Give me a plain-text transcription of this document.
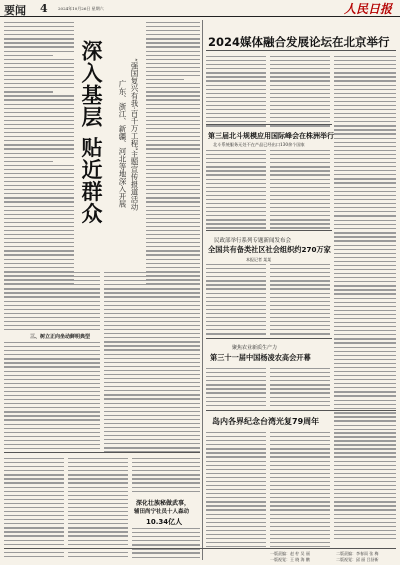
要闻 4	2024年10月26日 星期六	人民日报
深入基层 贴近群众	“强国复兴有我·百千万工程”主题宣传报道活动
广东、浙江、新疆、河北等地深入开展
三、树立正向坐动鲜明典型
深化壮族秘做武事，
辅田尚宁社员十人森动
10.34亿人
2024媒体融合发展论坛在北京举行
第三届北斗规模应用国际峰会在株洲举行
北斗系统服务无处不在产品已经出口130余个国家
民政部举行系列专题新闻发布会
全国共有备类社区社会组织约270万家
本报记者 某某
聚焦农业新质生产力
第三十一届中国杨凌农高会开幕
岛内各界纪念台湾光复79周年
一版责编：赵 柠 吴 丽
一版视觉：王 晓 海 鹏
二版责编：李春雨 张 梅
二版视觉：邱 丽 吕舒新
